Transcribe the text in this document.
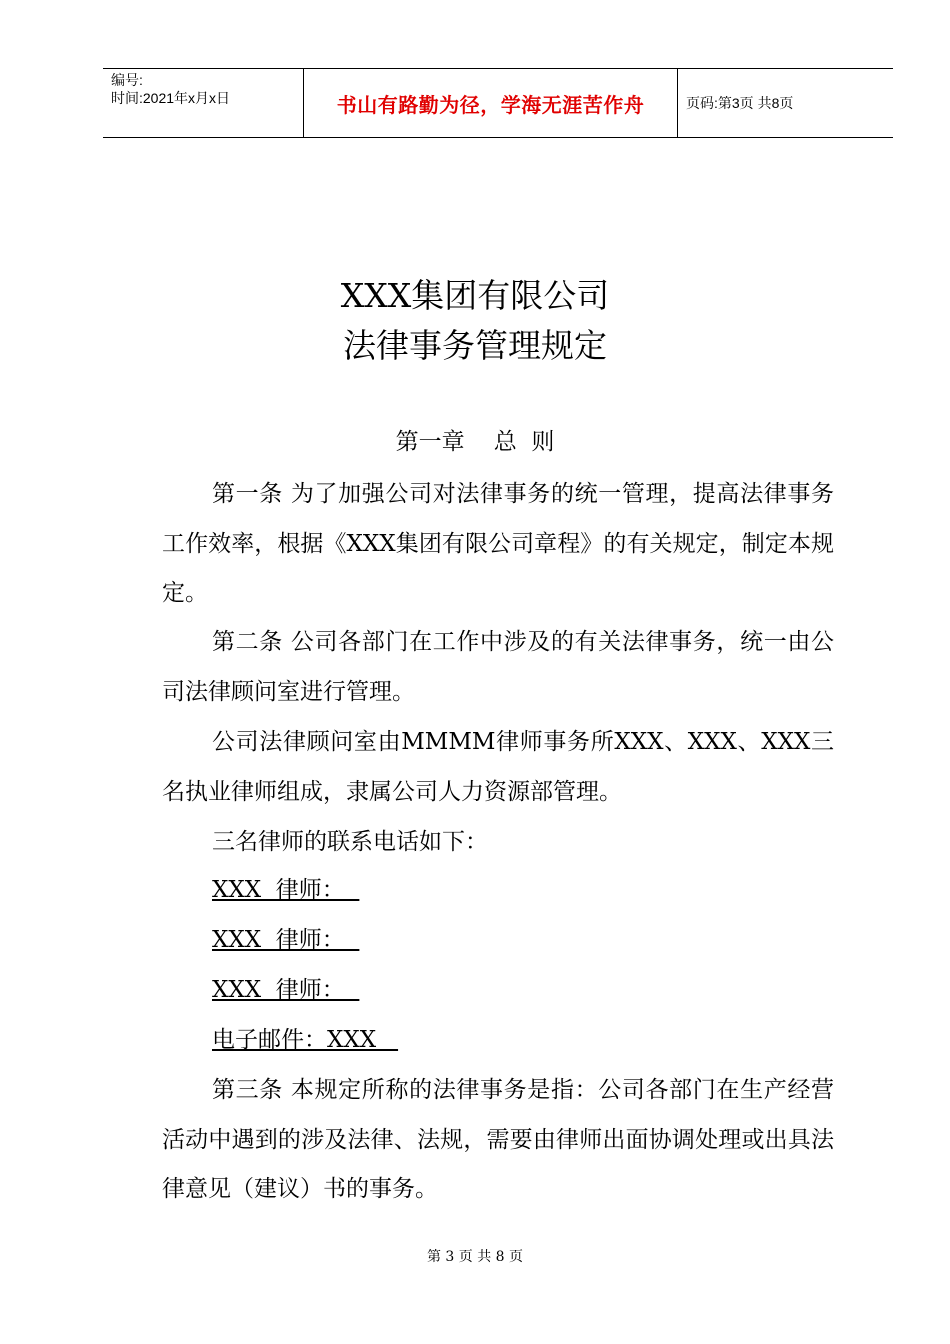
编号:
时间:2021年x月x日	书山有路勤为径，学海无涯苦作舟	页码:第3页 共8页
XXX集团有限公司
法律事务管理规定
第一章    总  则

第一条 为了加强公司对法律事务的统一管理，提高法律事务工作效率，根据《XXX集团有限公司章程》的有关规定，制定本规定。

第二条 公司各部门在工作中涉及的有关法律事务，统一由公司法律顾问室进行管理。

公司法律顾问室由MMMM律师事务所XXX、XXX、XXX三名执业律师组成，隶属公司人力资源部管理。

三名律师的联系电话如下：

XXX  律师：
XXX  律师：
XXX  律师：
电子邮件：XXX

第三条 本规定所称的法律事务是指：公司各部门在生产经营活动中遇到的涉及法律、法规，需要由律师出面协调处理或出具法律意见（建议）书的事务。

第 3 页 共 8 页
